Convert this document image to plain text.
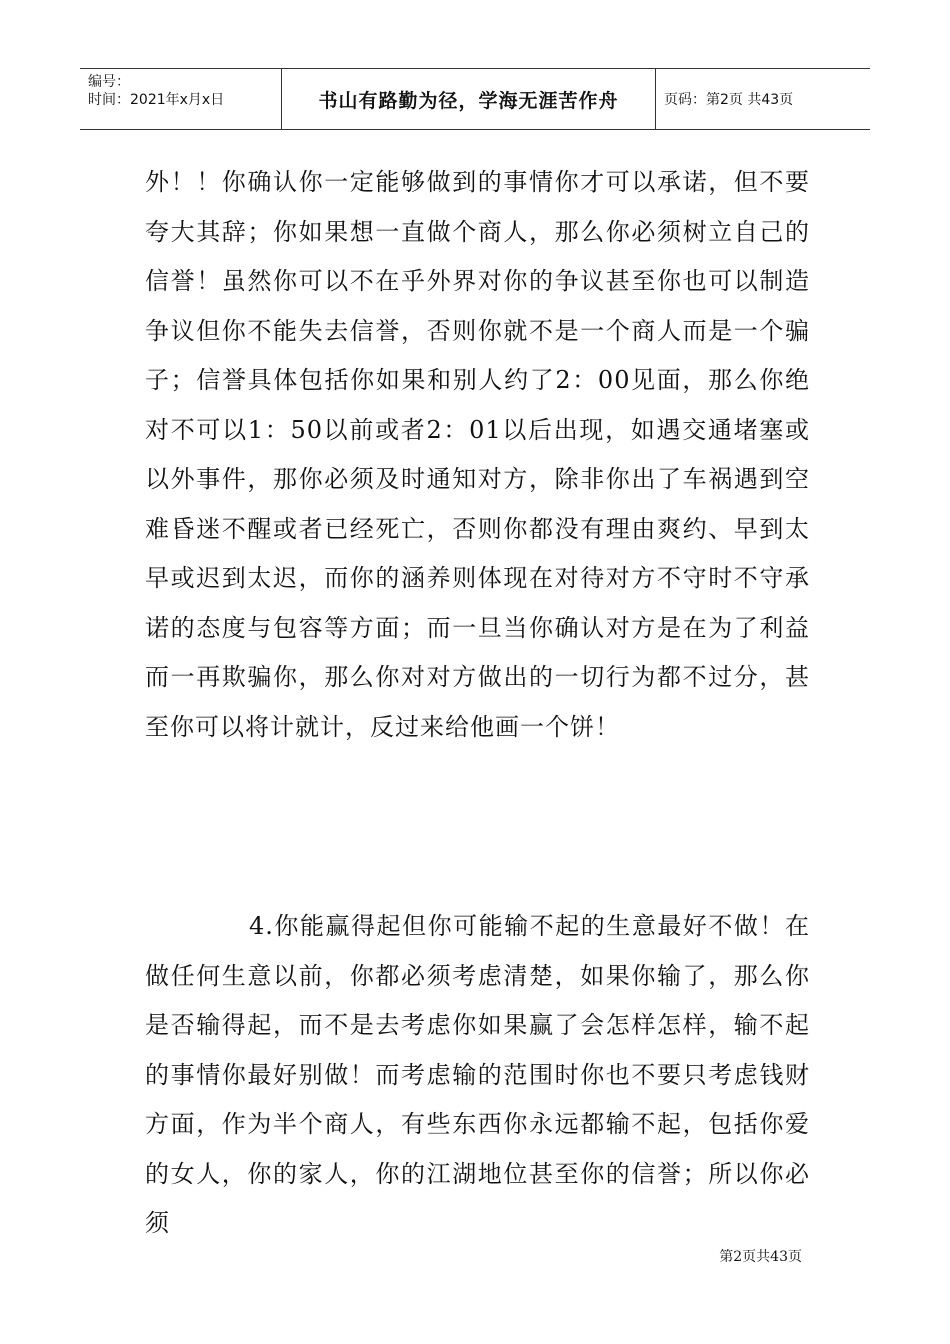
编号：
时间：2021年x月x日	书山有路勤为径，学海无涯苦作舟	页码：第2页 共43页

外！！你确认你一定能够做到的事情你才可以承诺，但不要夸大其辞；你如果想一直做个商人，那么你必须树立自己的信誉！虽然你可以不在乎外界对你的争议甚至你也可以制造争议但你不能失去信誉，否则你就不是一个商人而是一个骗子；信誉具体包括你如果和别人约了2：00见面，那么你绝对不可以1：50以前或者2：01以后出现，如遇交通堵塞或以外事件，那你必须及时通知对方，除非你出了车祸遇到空难昏迷不醒或者已经死亡，否则你都没有理由爽约、早到太早或迟到太迟，而你的涵养则体现在对待对方不守时不守承诺的态度与包容等方面；而一旦当你确认对方是在为了利益而一再欺骗你，那么你对对方做出的一切行为都不过分，甚至你可以将计就计，反过来给他画一个饼！

4.你能赢得起但你可能输不起的生意最好不做！在做任何生意以前，你都必须考虑清楚，如果你输了，那么你是否输得起，而不是去考虑你如果赢了会怎样怎样，输不起的事情你最好别做！而考虑输的范围时你也不要只考虑钱财方面，作为半个商人，有些东西你永远都输不起，包括你爱的女人，你的家人，你的江湖地位甚至你的信誉；所以你必须

第2页共43页
